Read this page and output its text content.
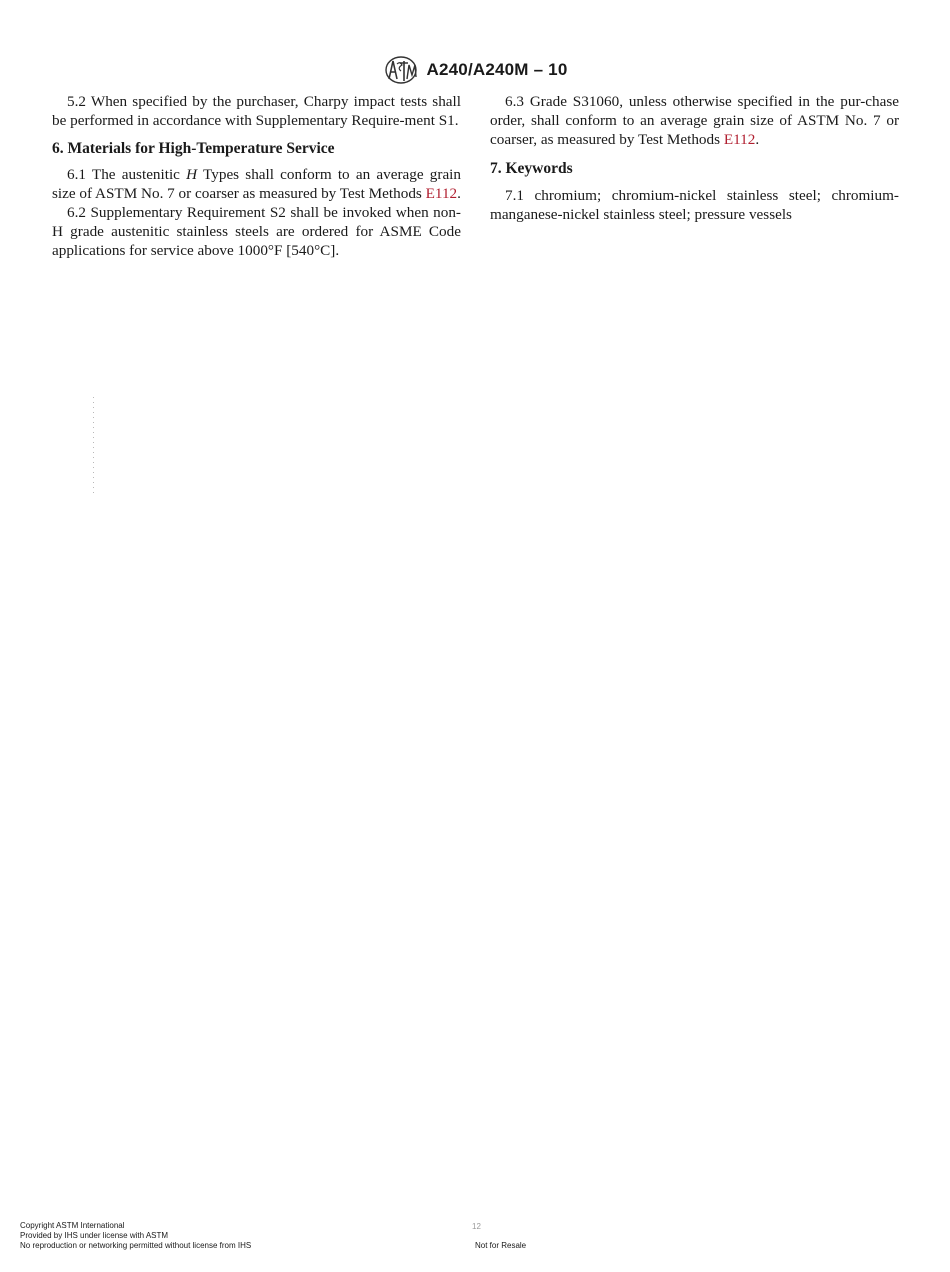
A240/A240M – 10

5.2 When specified by the purchaser, Charpy impact tests shall be performed in accordance with Supplementary Require-ment S1.

6. Materials for High-Temperature Service

6.1 The austenitic H Types shall conform to an average grain size of ASTM No. 7 or coarser as measured by Test Methods E112.

6.2 Supplementary Requirement S2 shall be invoked when non-H grade austenitic stainless steels are ordered for ASME Code applications for service above 1000°F [540°C].

6.3 Grade S31060, unless otherwise specified in the pur-chase order, shall conform to an average grain size of ASTM No. 7 or coarser, as measured by Test Methods E112.

7. Keywords

7.1 chromium; chromium-nickel stainless steel; chromium-manganese-nickel stainless steel; pressure vessels

Copyright ASTM International
Provided by IHS under license with ASTM
No reproduction or networking permitted without license from IHS
12
Not for Resale
